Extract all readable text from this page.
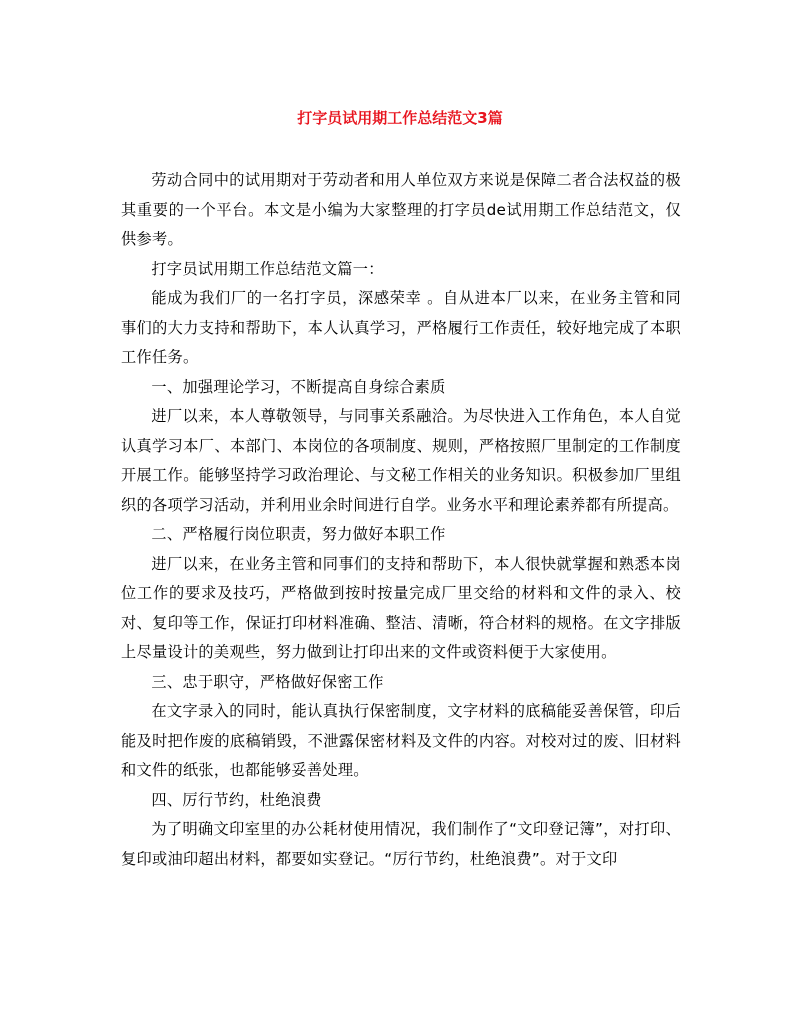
打字员试用期工作总结范文3篇

劳动合同中的试用期对于劳动者和用人单位双方来说是保障二者合法权益的极其重要的一个平台。本文是小编为大家整理的打字员de试用期工作总结范文，仅供参考。

打字员试用期工作总结范文篇一：

能成为我们厂的一名打字员，深感荣幸 。自从进本厂以来，在业务主管和同事们的大力支持和帮助下，本人认真学习，严格履行工作责任，较好地完成了本职工作任务。

一、加强理论学习，不断提高自身综合素质

进厂以来，本人尊敬领导，与同事关系融洽。为尽快进入工作角色，本人自觉认真学习本厂、本部门、本岗位的各项制度、规则，严格按照厂里制定的工作制度开展工作。能够坚持学习政治理论、与文秘工作相关的业务知识。积极参加厂里组织的各项学习活动，并利用业余时间进行自学。业务水平和理论素养都有所提高。

二、严格履行岗位职责，努力做好本职工作

进厂以来，在业务主管和同事们的支持和帮助下，本人很快就掌握和熟悉本岗位工作的要求及技巧，严格做到按时按量完成厂里交给的材料和文件的录入、校对、复印等工作，保证打印材料准确、整洁、清晰，符合材料的规格。在文字排版上尽量设计的美观些，努力做到让打印出来的文件或资料便于大家使用。

三、忠于职守，严格做好保密工作

在文字录入的同时，能认真执行保密制度，文字材料的底稿能妥善保管，印后能及时把作废的底稿销毁，不泄露保密材料及文件的内容。对校对过的废、旧材料和文件的纸张，也都能够妥善处理。

四、厉行节约，杜绝浪费

为了明确文印室里的办公耗材使用情况，我们制作了“文印登记簿”，对打印、复印或油印超出材料，都要如实登记。“厉行节约，杜绝浪费”。对于文印
